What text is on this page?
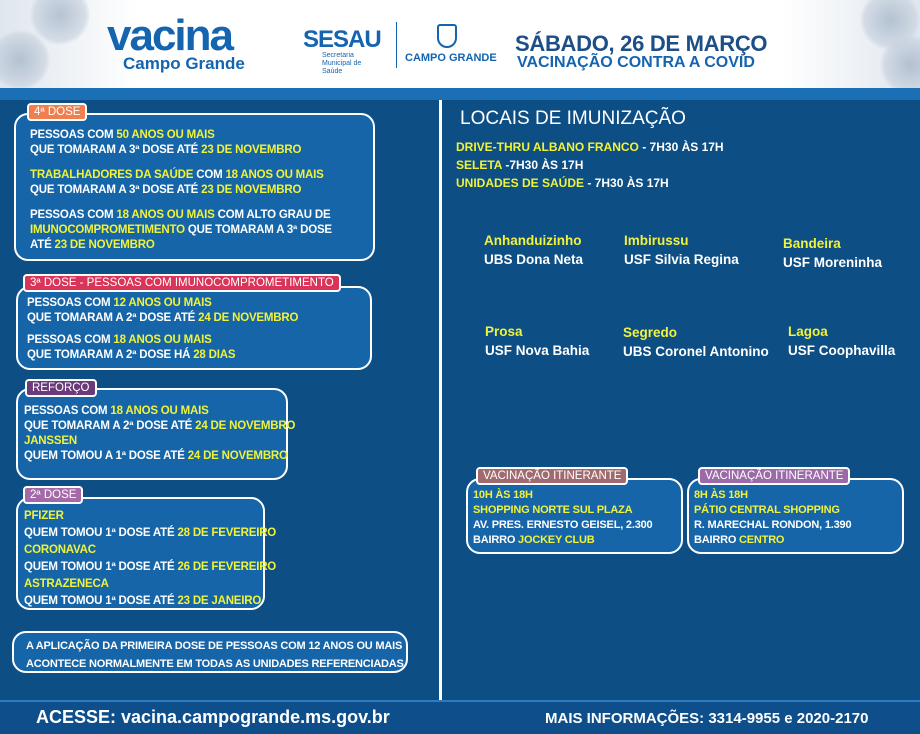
vacina
Campo Grande
SESAU
Secretaria Municipal de Saúde
CAMPO GRANDE
SÁBADO, 26 DE MARÇO
VACINAÇÃO CONTRA A COVID
PESSOAS COM 50 ANOS OU MAIS
QUE TOMARAM A 3ª DOSE ATÉ 23 DE NOVEMBRO
TRABALHADORES DA SAÚDE COM 18 ANOS OU MAIS
QUE TOMARAM A 3ª DOSE ATÉ 23 DE NOVEMBRO
PESSOAS COM 18 ANOS OU MAIS COM ALTO GRAU DE
IMUNOCOMPROMETIMENTO QUE TOMARAM A 3ª DOSE
ATÉ 23 DE NOVEMBRO
4ª DOSE
PESSOAS COM 12 ANOS OU MAIS
QUE TOMARAM A 2ª DOSE ATÉ 24 DE NOVEMBRO
PESSOAS COM 18 ANOS OU MAIS
QUE TOMARAM A 2ª DOSE HÁ 28 DIAS
3ª DOSE - PESSOAS COM IMUNOCOMPROMETIMENTO
PESSOAS COM 18 ANOS OU MAIS
QUE TOMARAM A 2ª DOSE ATÉ 24 DE NOVEMBRO
JANSSEN
QUEM TOMOU A 1ª DOSE ATÉ 24 DE NOVEMBRO
REFORÇO
PFIZER
QUEM TOMOU 1ª DOSE ATÉ 28 DE FEVEREIRO
CORONAVAC
QUEM TOMOU 1ª DOSE ATÉ 26 DE FEVEREIRO
ASTRAZENECA
QUEM TOMOU 1ª DOSE ATÉ 23 DE JANEIRO
2ª DOSE
A APLICAÇÃO DA PRIMEIRA DOSE DE PESSOAS COM 12 ANOS OU MAIS
ACONTECE NORMALMENTE EM TODAS AS UNIDADES REFERENCIADAS
LOCAIS DE IMUNIZAÇÃO
DRIVE-THRU ALBANO FRANCO - 7H30 ÀS 17H
SELETA -7H30 ÀS 17H
UNIDADES DE SAÚDE - 7H30 ÀS 17H
Anhanduizinho
UBS Dona Neta
Imbirussu
USF Silvia Regina
Bandeira
USF Moreninha
Prosa
USF Nova Bahia
Segredo
UBS Coronel Antonino
Lagoa
USF Coophavilla
10H ÀS 18H
SHOPPING NORTE SUL PLAZA
AV. PRES. ERNESTO GEISEL, 2.300
BAIRRO JOCKEY CLUB
VACINAÇÃO ITINERANTE
8H ÀS 18H
PÁTIO CENTRAL SHOPPING
R. MARECHAL RONDON, 1.390
BAIRRO CENTRO
VACINAÇÃO ITINERANTE
ACESSE: vacina.campogrande.ms.gov.br	MAIS INFORMAÇÕES: 3314-9955 e 2020-2170
